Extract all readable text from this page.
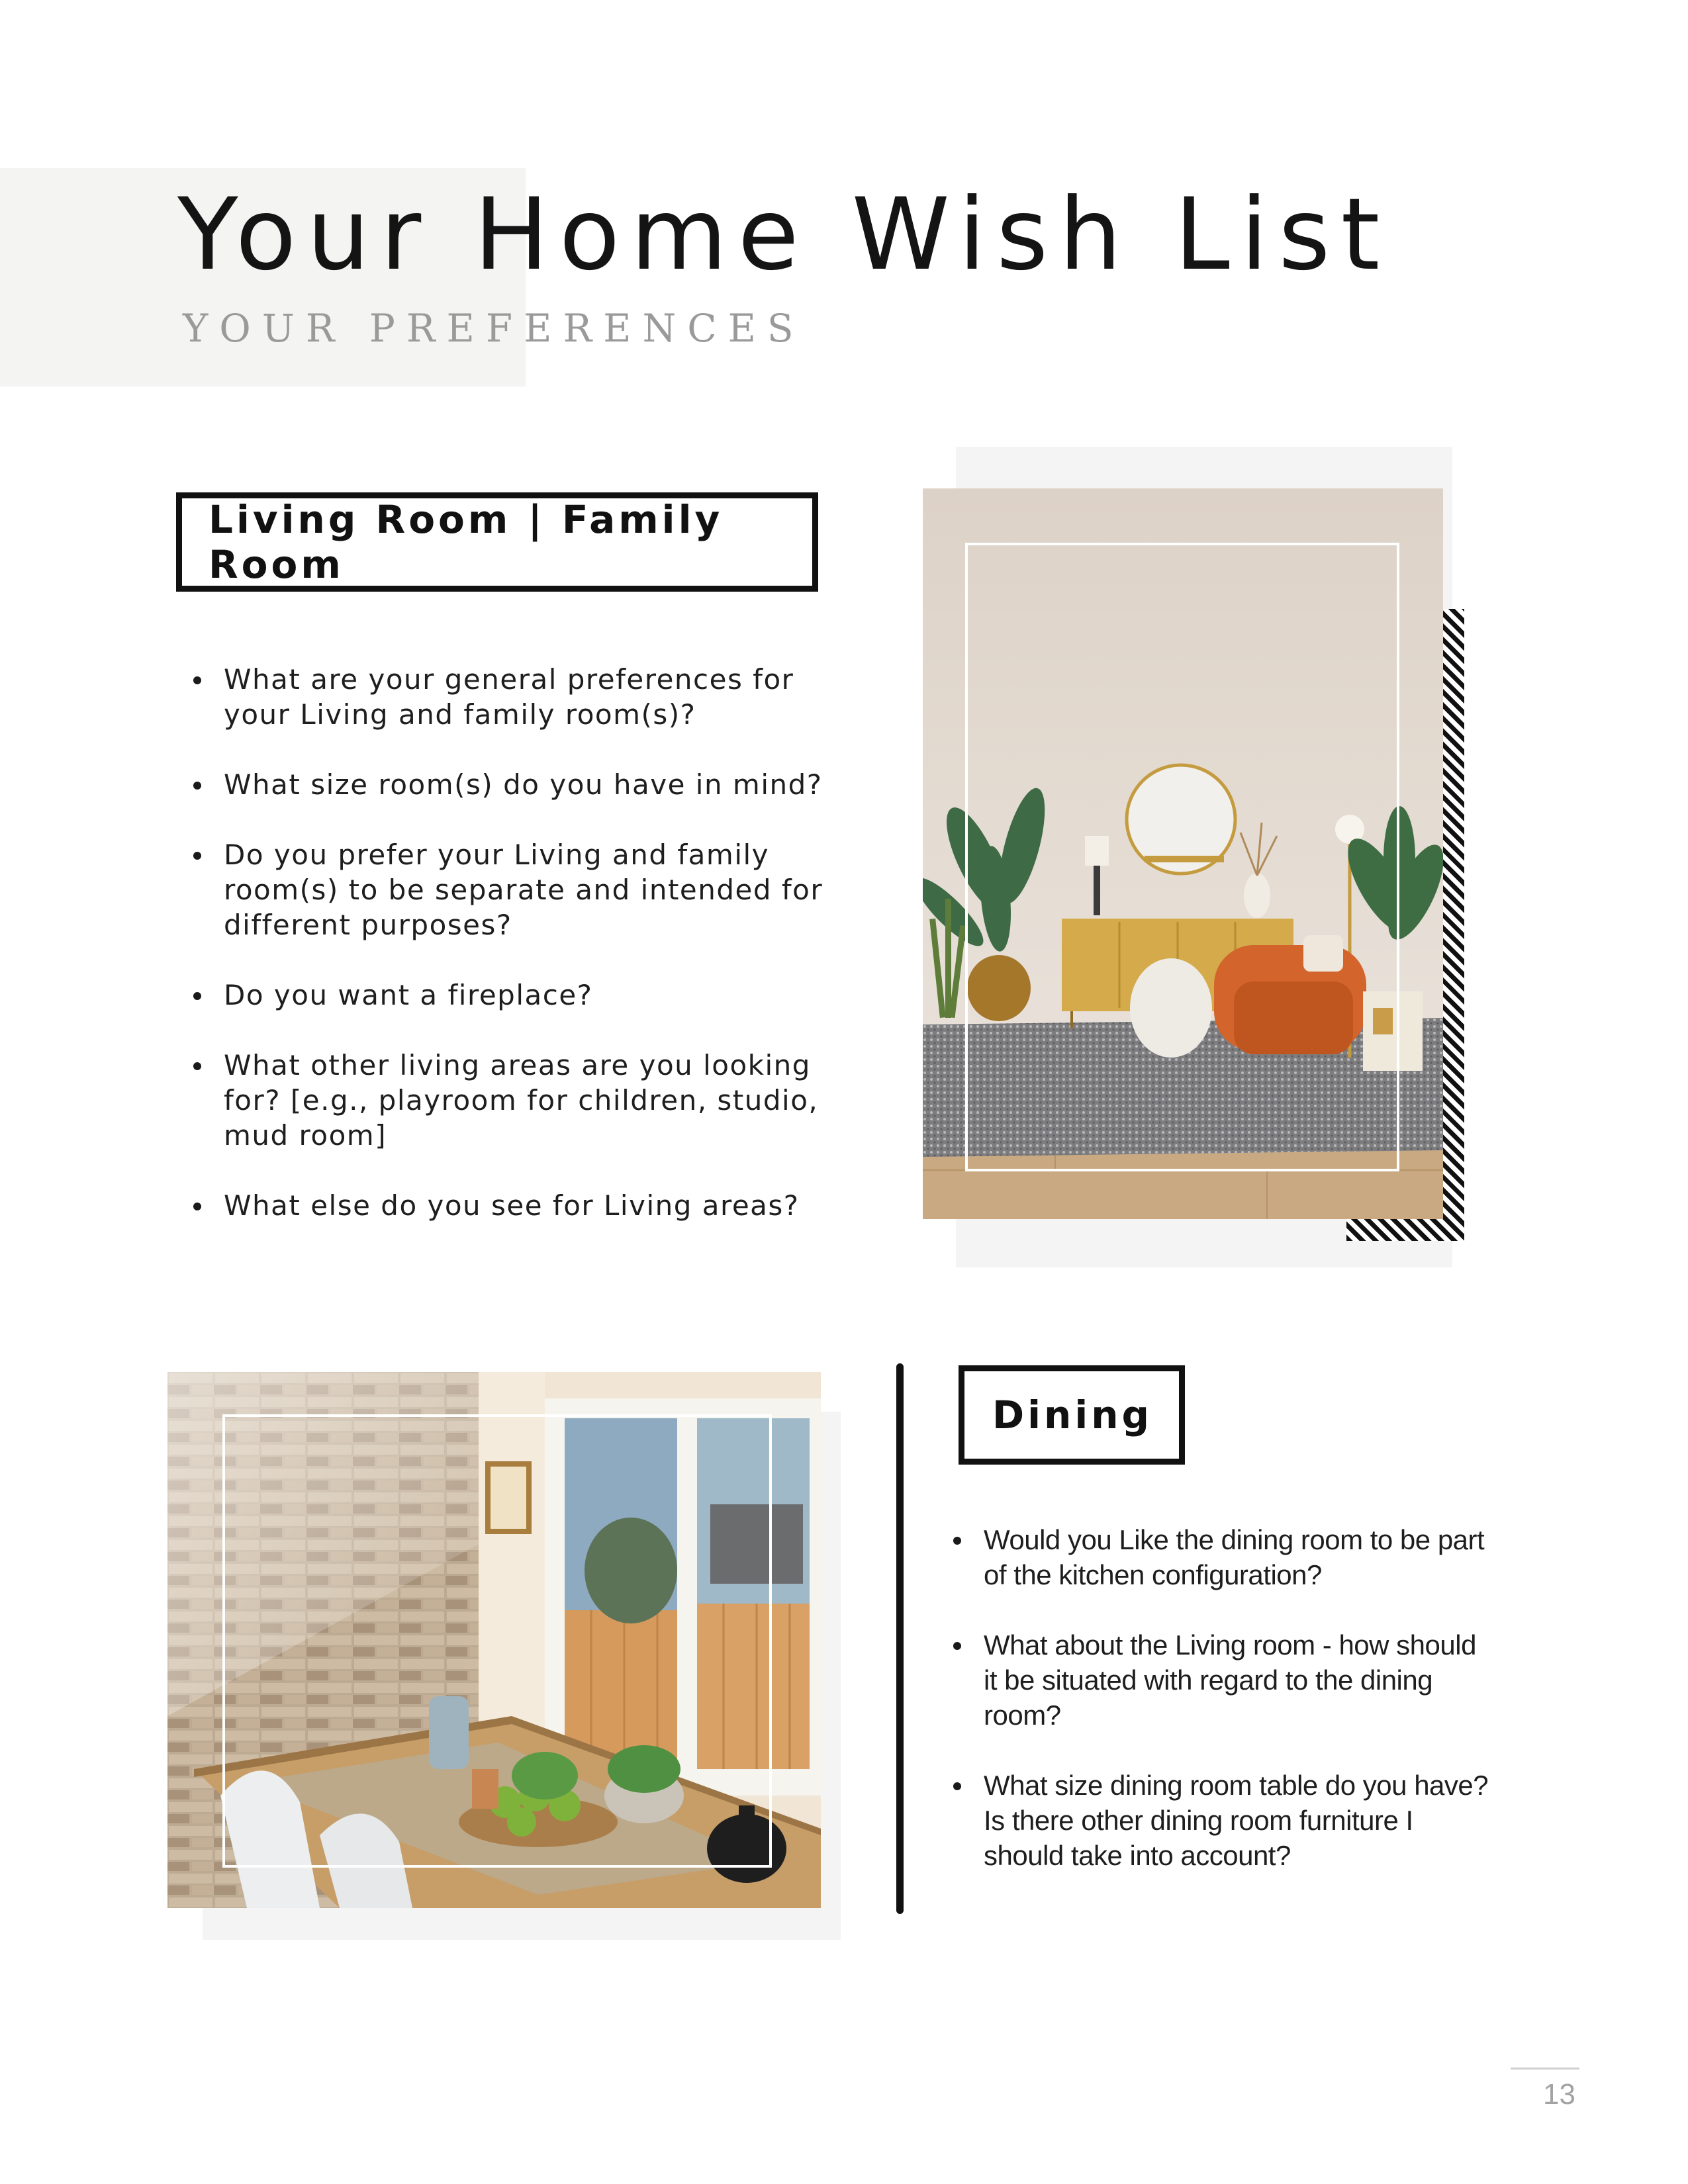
Your Home Wish List
YOUR PREFERENCES
Living Room | Family Room
What are your general preferences for your Living and family room(s)?
What size room(s) do you have in mind?
Do you prefer your Living and family room(s) to be separate and intended for different purposes?
Do you want a fireplace?
What other living areas are you looking for? [e.g., playroom for children, studio, mud room]
What else do you see for Living areas?
Dining
Would you Like the dining room to be part of the kitchen configuration?
What about the Living room - how should it be situated with regard to the dining room?
What size dining room table do you have? Is there other dining room furniture I should take into account?
13
